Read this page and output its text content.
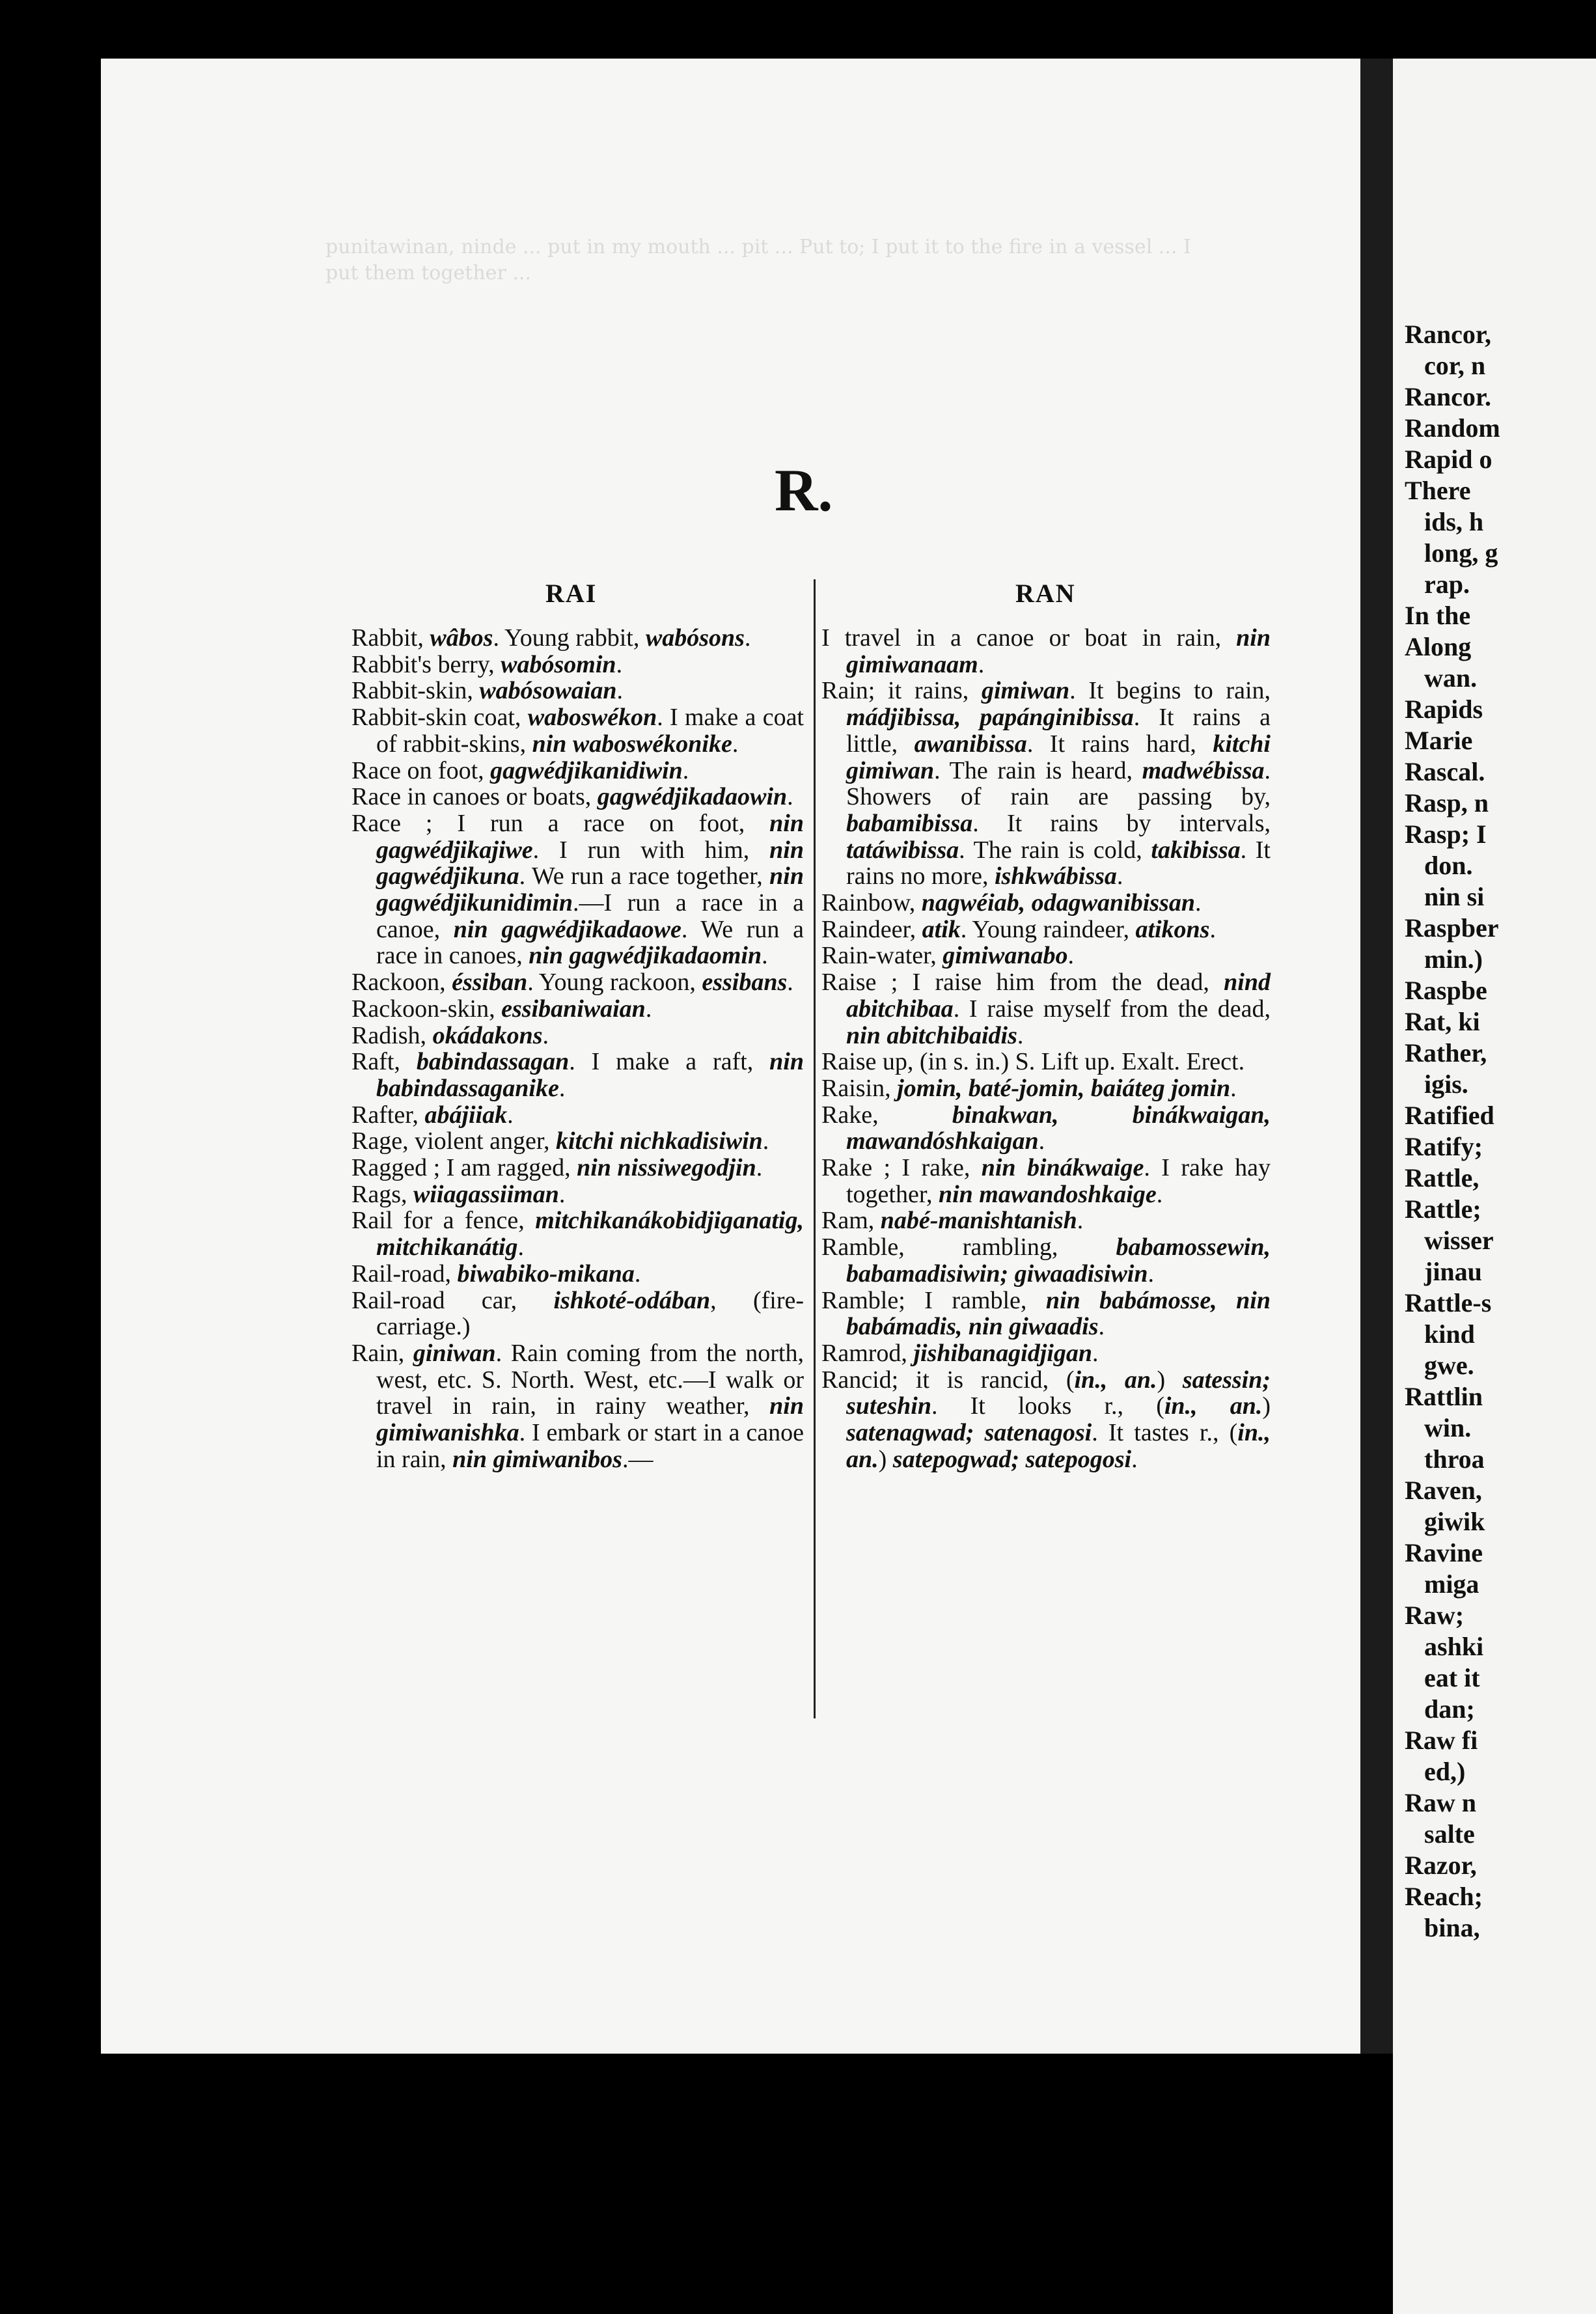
punitawinan, ninde ... put in my mouth ... pit ... Put to; I put it to the fire in a vessel ... I put them together ...
Rancor,
cor, n
Rancor.
Random
Rapid o
There
ids, h
long, g
rap.
In the
Along
wan.
Rapids
Marie
Rascal.
Rasp, n
Rasp; I
don.
nin si
Raspber
min.)
Raspbe
Rat, ki
Rather,
igis.
Ratified
Ratify;
Rattle,
Rattle;
wisser
jinau
Rattle-s
kind
gwe.
Rattlin
win.
throa
Raven,
giwik
Ravine
miga
Raw;
ashki
eat it
dan;
Raw fi
ed,)
Raw n
salte
Razor,
Reach;
bina,
R.
RAI	RAN

Rabbit, wâbos. Young rabbit, wabósons.

Rabbit's berry, wabósomin.

Rabbit-skin, wabósowaian.

Rabbit-skin coat, waboswékon. I make a coat of rabbit-skins, nin waboswékonike.

Race on foot, gagwédjikanidiwin.

Race in canoes or boats, gagwédjikadaowin.

Race ; I run a race on foot, nin gagwédjikajiwe. I run with him, nin gagwédjikuna. We run a race together, nin gagwédjikunidimin.—I run a race in a canoe, nin gagwédjikadaowe. We run a race in canoes, nin gagwédjikadaomin.

Rackoon, éssiban. Young rackoon, essibans.

Rackoon-skin, essibaniwaian.

Radish, okádakons.

Raft, babindassagan. I make a raft, nin babindassaganike.

Rafter, abájiiak.

Rage, violent anger, kitchi nichkadisiwin.

Ragged ; I am ragged, nin nissiwegodjin.

Rags, wiiagassiiman.

Rail for a fence, mitchikanákobidjiganatig, mitchikanátig.

Rail-road, biwabiko-mikana.

Rail-road car, ishkoté-odában, (fire-carriage.)

Rain, giniwan. Rain coming from the north, west, etc. S. North. West, etc.—I walk or travel in rain, in rainy weather, nin gimiwanishka. I embark or start in a canoe in rain, nin gimiwanibos.—

I travel in a canoe or boat in rain, nin gimiwanaam.

Rain; it rains, gimiwan. It begins to rain, mádjibissa, papánginibissa. It rains a little, awanibissa. It rains hard, kitchi gimiwan. The rain is heard, madwébissa. Showers of rain are passing by, babamibissa. It rains by intervals, tatáwibissa. The rain is cold, takibissa. It rains no more, ishkwábissa.

Rainbow, nagwéiab, odagwanibissan.

Raindeer, atik. Young raindeer, atikons.

Rain-water, gimiwanabo.

Raise ; I raise him from the dead, nind abitchibaa. I raise myself from the dead, nin abitchibaidis.

Raise up, (in s. in.) S. Lift up. Exalt. Erect.

Raisin, jomin, baté-jomin, baiáteg jomin.

Rake, binakwan, binákwaigan, mawandóshkaigan.

Rake ; I rake, nin binákwaige. I rake hay together, nin mawandoshkaige.

Ram, nabé-manishtanish.

Ramble, rambling, babamossewin, babamadisiwin; giwaadisiwin.

Ramble; I ramble, nin babámosse, nin babámadis, nin giwaadis.

Ramrod, jishibanagidjigan.

Rancid; it is rancid, (in., an.) satessin; suteshin. It looks r., (in., an.) satenagwad; satenagosi. It tastes r., (in., an.) satepogwad; satepogosi.
